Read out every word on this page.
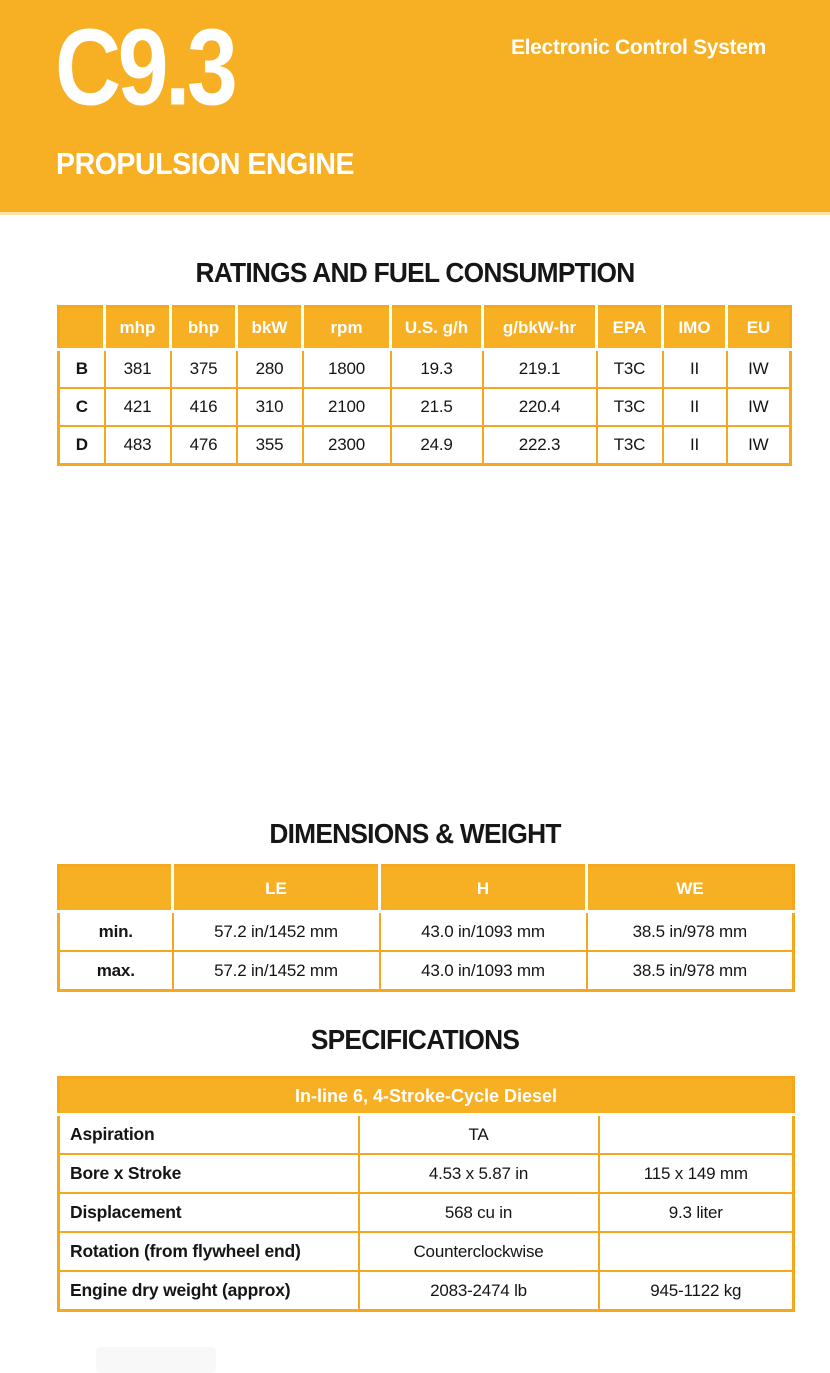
C9.3
PROPULSION ENGINE
Electronic Control System
RATINGS AND FUEL CONSUMPTION
	mhp	bhp	bkW	rpm	U.S. g/h	g/bkW-hr	EPA	IMO	EU
B	381	375	280	1800	19.3	219.1	T3C	II	IW
C	421	416	310	2100	21.5	220.4	T3C	II	IW
D	483	476	355	2300	24.9	222.3	T3C	II	IW
DIMENSIONS & WEIGHT
	LE	H	WE
min.	57.2 in/1452 mm	43.0 in/1093 mm	38.5 in/978 mm
max.	57.2 in/1452 mm	43.0 in/1093 mm	38.5 in/978 mm
SPECIFICATIONS
In-line 6, 4-Stroke-Cycle Diesel		
Aspiration	TA	
Bore x Stroke	4.53 x 5.87 in	115 x 149 mm
Displacement	568 cu in	9.3 liter
Rotation (from flywheel end)	Counterclockwise	
Engine dry weight (approx)	2083-2474 lb	945-1122 kg
